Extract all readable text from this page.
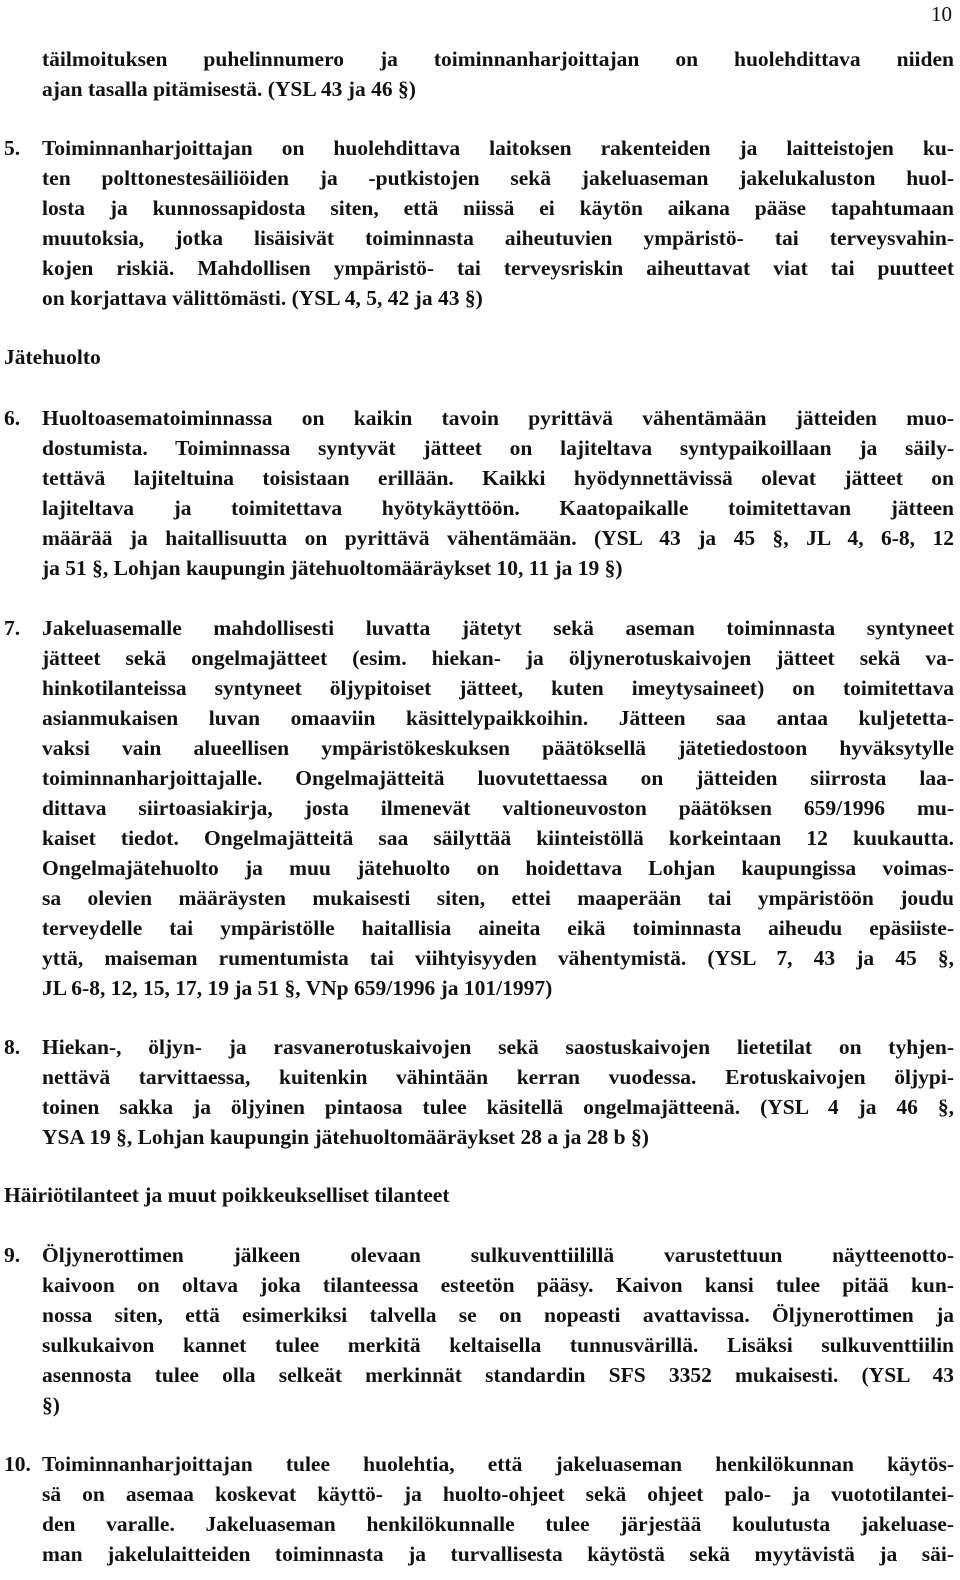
10
täilmoituksen puhelinnumero ja toiminnanharjoittajan on huolehdittava niiden
ajan tasalla pitämisestä. (YSL 43 ja 46 §)
5. Toiminnanharjoittajan on huolehdittava laitoksen rakenteiden ja laitteistojen ku-
ten polttonestesäiliöiden ja -putkistojen sekä jakeluaseman jakelukaluston huol-
losta ja kunnossapidosta siten, että niissä ei käytön aikana pääse tapahtumaan
muutoksia, jotka lisäisivät toiminnasta aiheutuvien ympäristö- tai terveysvahin-
kojen riskiä. Mahdollisen ympäristö- tai terveysriskin aiheuttavat viat tai puutteet
on korjattava välittömästi. (YSL 4, 5, 42 ja 43 §)
Jätehuolto
6. Huoltoasematoiminnassa on kaikin tavoin pyrittävä vähentämään jätteiden muo-
dostumista. Toiminnassa syntyvät jätteet on lajiteltava syntypaikoillaan ja säily-
tettävä lajiteltuina toisistaan erillään. Kaikki hyödynnettävissä olevat jätteet on
lajiteltava ja toimitettava hyötykäyttöön. Kaatopaikalle toimitettavan jätteen
määrää ja haitallisuutta on pyrittävä vähentämään. (YSL 43 ja 45 §, JL 4, 6-8, 12
ja 51 §, Lohjan kaupungin jätehuoltomääräykset 10, 11 ja 19 §)
7. Jakeluasemalle mahdollisesti luvatta jätetyt sekä aseman toiminnasta syntyneet
jätteet sekä ongelmajätteet (esim. hiekan- ja öljynerotuskaivojen jätteet sekä va-
hinkotilanteissa syntyneet öljypitoiset jätteet, kuten imeytysaineet) on toimitettava
asianmukaisen luvan omaaviin käsittelypaikkoihin. Jätteen saa antaa kuljetetta-
vaksi vain alueellisen ympäristökeskuksen päätöksellä jätetiedostoon hyväksytylle
toiminnanharjoittajalle. Ongelmajätteitä luovutettaessa on jätteiden siirrosta laa-
dittava siirtoasiakirja, josta ilmenevät valtioneuvoston päätöksen 659/1996 mu-
kaiset tiedot. Ongelmajätteitä saa säilyttää kiinteistöllä korkeintaan 12 kuukautta.
Ongelmajätehuolto ja muu jätehuolto on hoidettava Lohjan kaupungissa voimas-
sa olevien määräysten mukaisesti siten, ettei maaperään tai ympäristöön joudu
terveydelle tai ympäristölle haitallisia aineita eikä toiminnasta aiheudu epäsiiste-
yttä, maiseman rumentumista tai viihtyisyyden vähentymistä. (YSL 7, 43 ja 45 §,
JL 6-8, 12, 15, 17, 19 ja 51 §, VNp 659/1996 ja 101/1997)
8. Hiekan-, öljyn- ja rasvanerotuskaivojen sekä saostuskaivojen lietetilat on tyhjen-
nettävä tarvittaessa, kuitenkin vähintään kerran vuodessa. Erotuskaivojen öljypi-
toinen sakka ja öljyinen pintaosa tulee käsitellä ongelmajätteenä. (YSL 4 ja 46 §,
YSA 19 §, Lohjan kaupungin jätehuoltomääräykset 28 a ja 28 b §)
Häiriötilanteet ja muut poikkeukselliset tilanteet
9. Öljynerottimen jälkeen olevaan sulkuventtiilillä varustettuun näytteenotto-
kaivoon on oltava joka tilanteessa esteetön pääsy. Kaivon kansi tulee pitää kun-
nossa siten, että esimerkiksi talvella se on nopeasti avattavissa. Öljynerottimen ja
sulkukaivon kannet tulee merkitä keltaisella tunnusvärillä. Lisäksi sulkuventtiilin
asennosta tulee olla selkeät merkinnät standardin SFS 3352 mukaisesti. (YSL 43
§)
10. Toiminnanharjoittajan tulee huolehtia, että jakeluaseman henkilökunnan käytös-
sä on asemaa koskevat käyttö- ja huolto-ohjeet sekä ohjeet palo- ja vuototilantei-
den varalle. Jakeluaseman henkilökunnalle tulee järjestää koulutusta jakeluase-
man jakelulaitteiden toiminnasta ja turvallisesta käytöstä sekä myytävistä ja säi-
